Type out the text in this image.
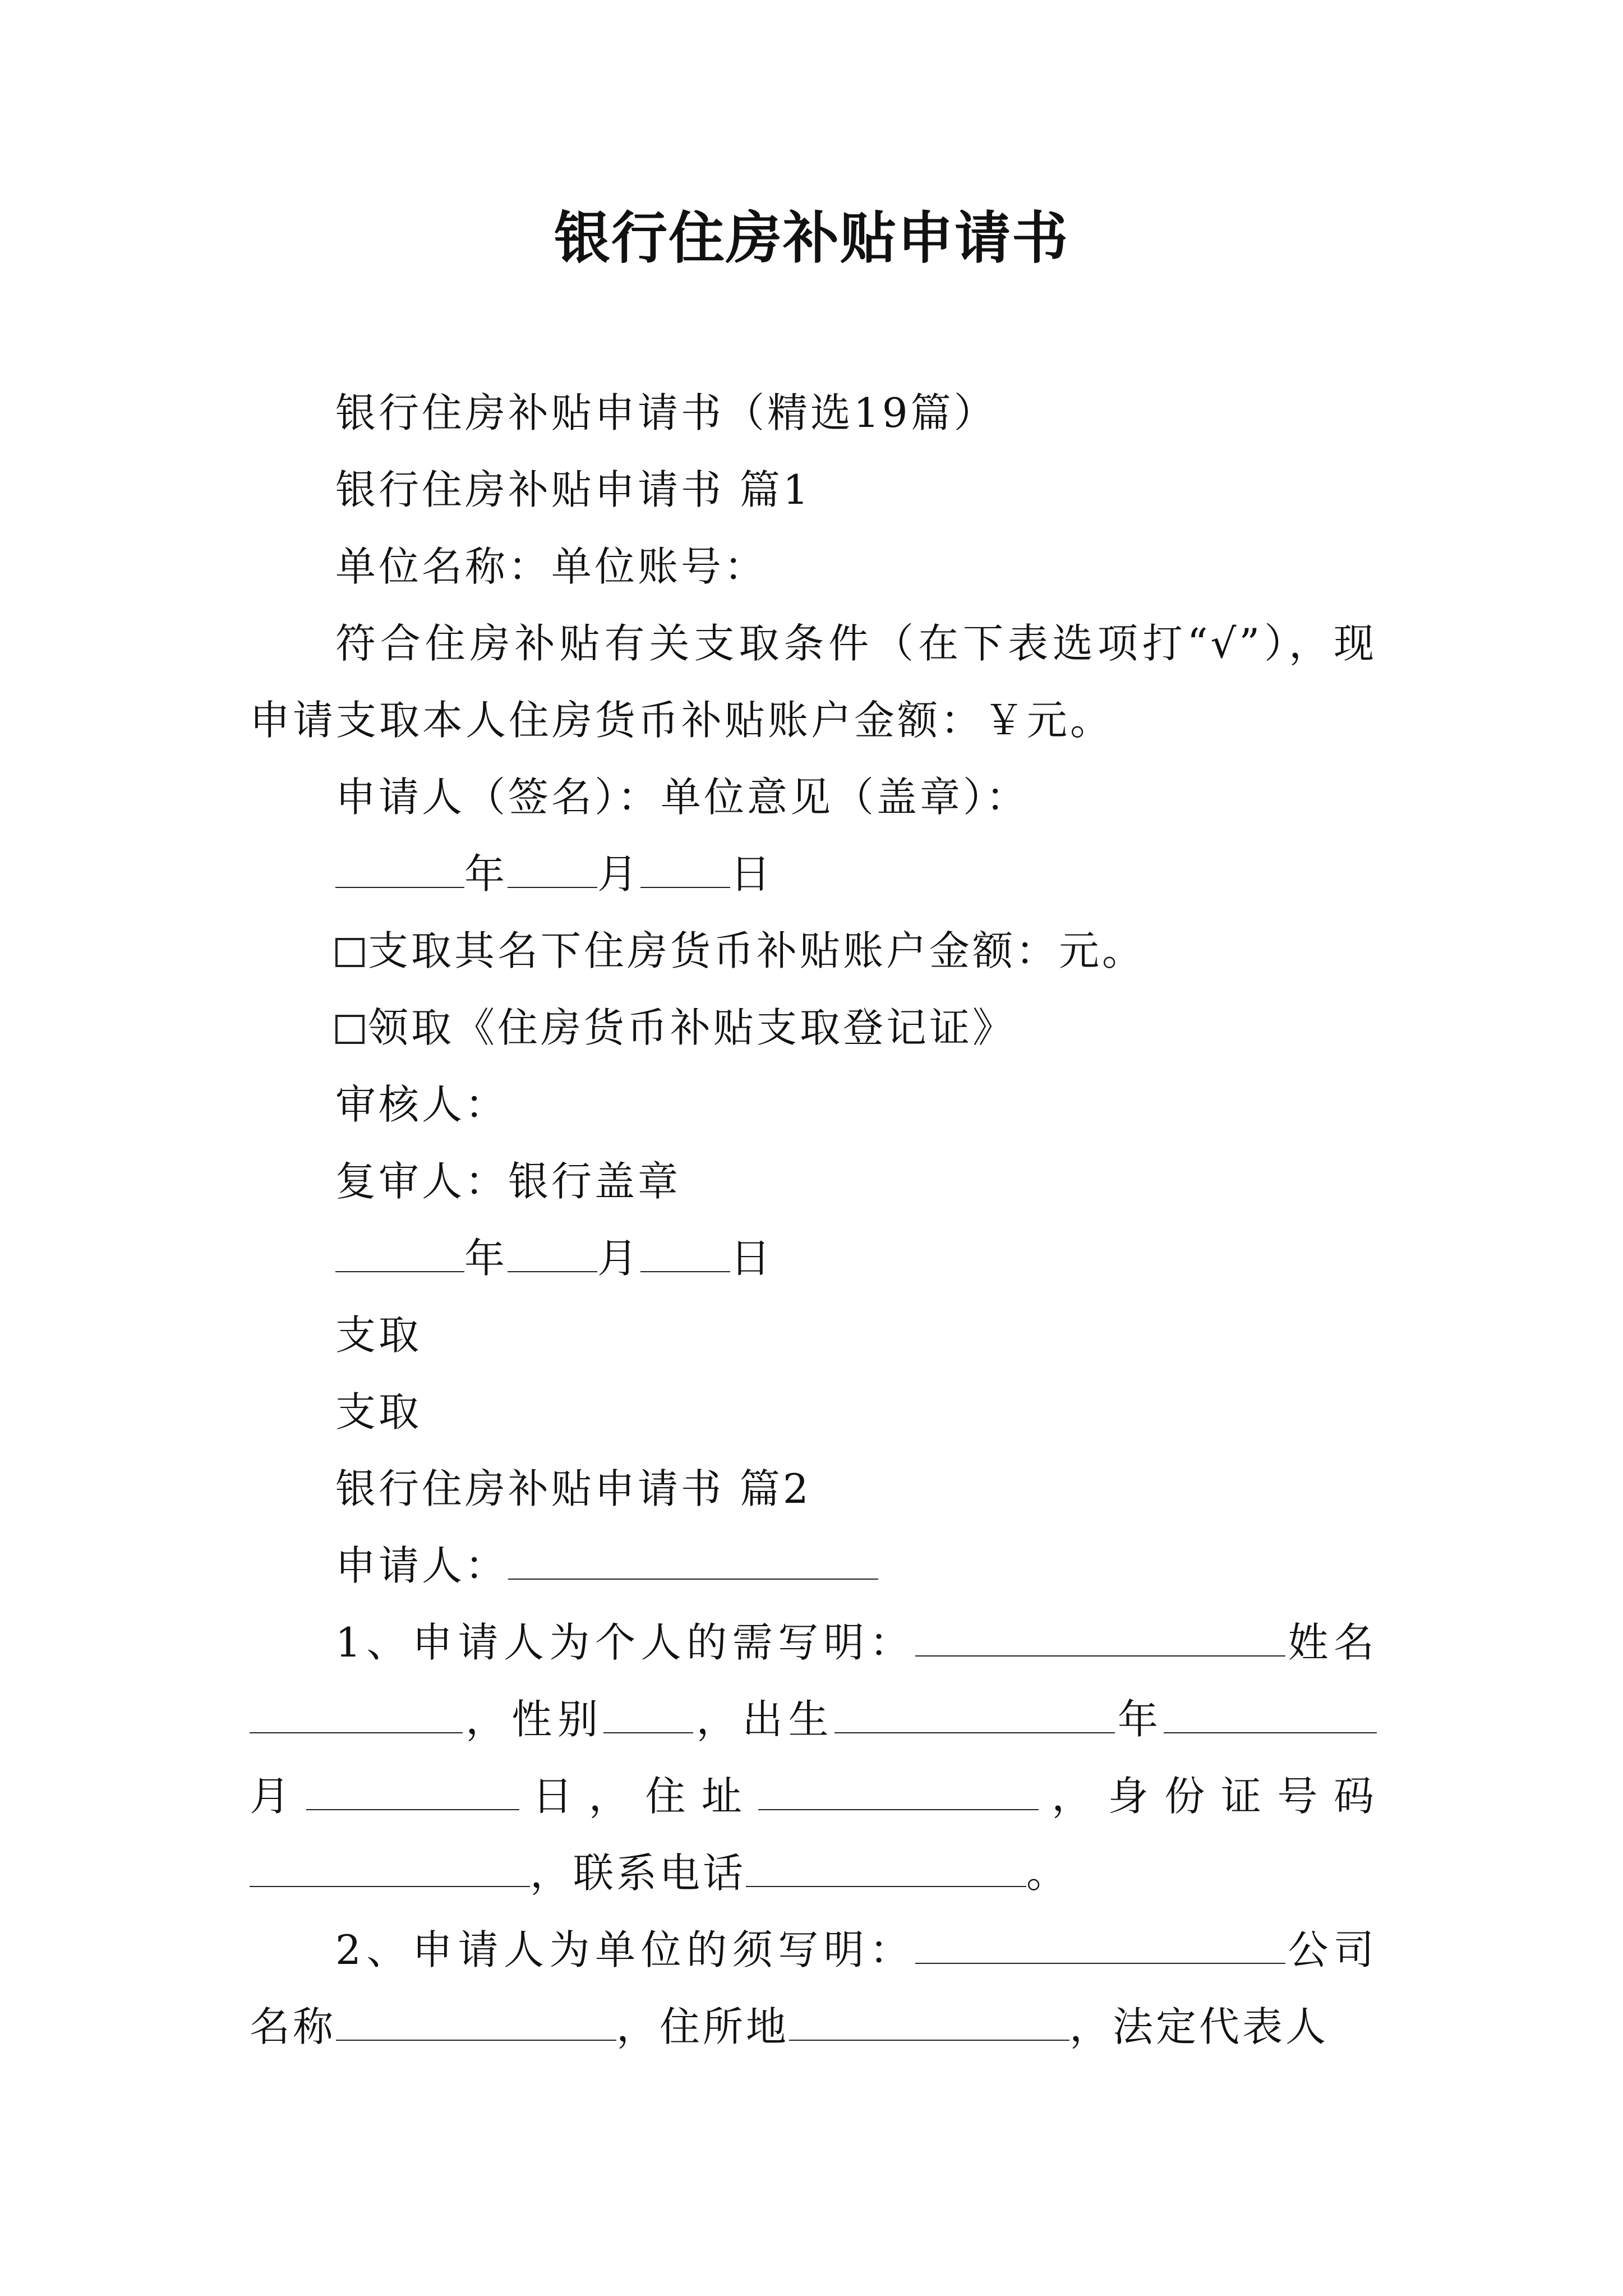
银行住房补贴申请书

银行住房补贴申请书（精选19篇）

银行住房补贴申请书 篇1

单位名称：单位账号：

符合住房补贴有关支取条件（在下表选项打“√”），现申请支取本人住房货币补贴账户金额：￥元。

申请人（签名）：单位意见（盖章）：

年 月 日

支取其名下住房货币补贴账户金额：元。

领取《住房货币补贴支取登记证》

审核人：

复审人：银行盖章

年 月 日

支取

支取

银行住房补贴申请书 篇2

申请人：

1、申请人为个人的需写明：	姓名，性别 ，出生	年月	日，住址	，身份证号码，联系电话	。

2、申请人为单位的须写明：	公司名称	，住所地	，法定代表人
